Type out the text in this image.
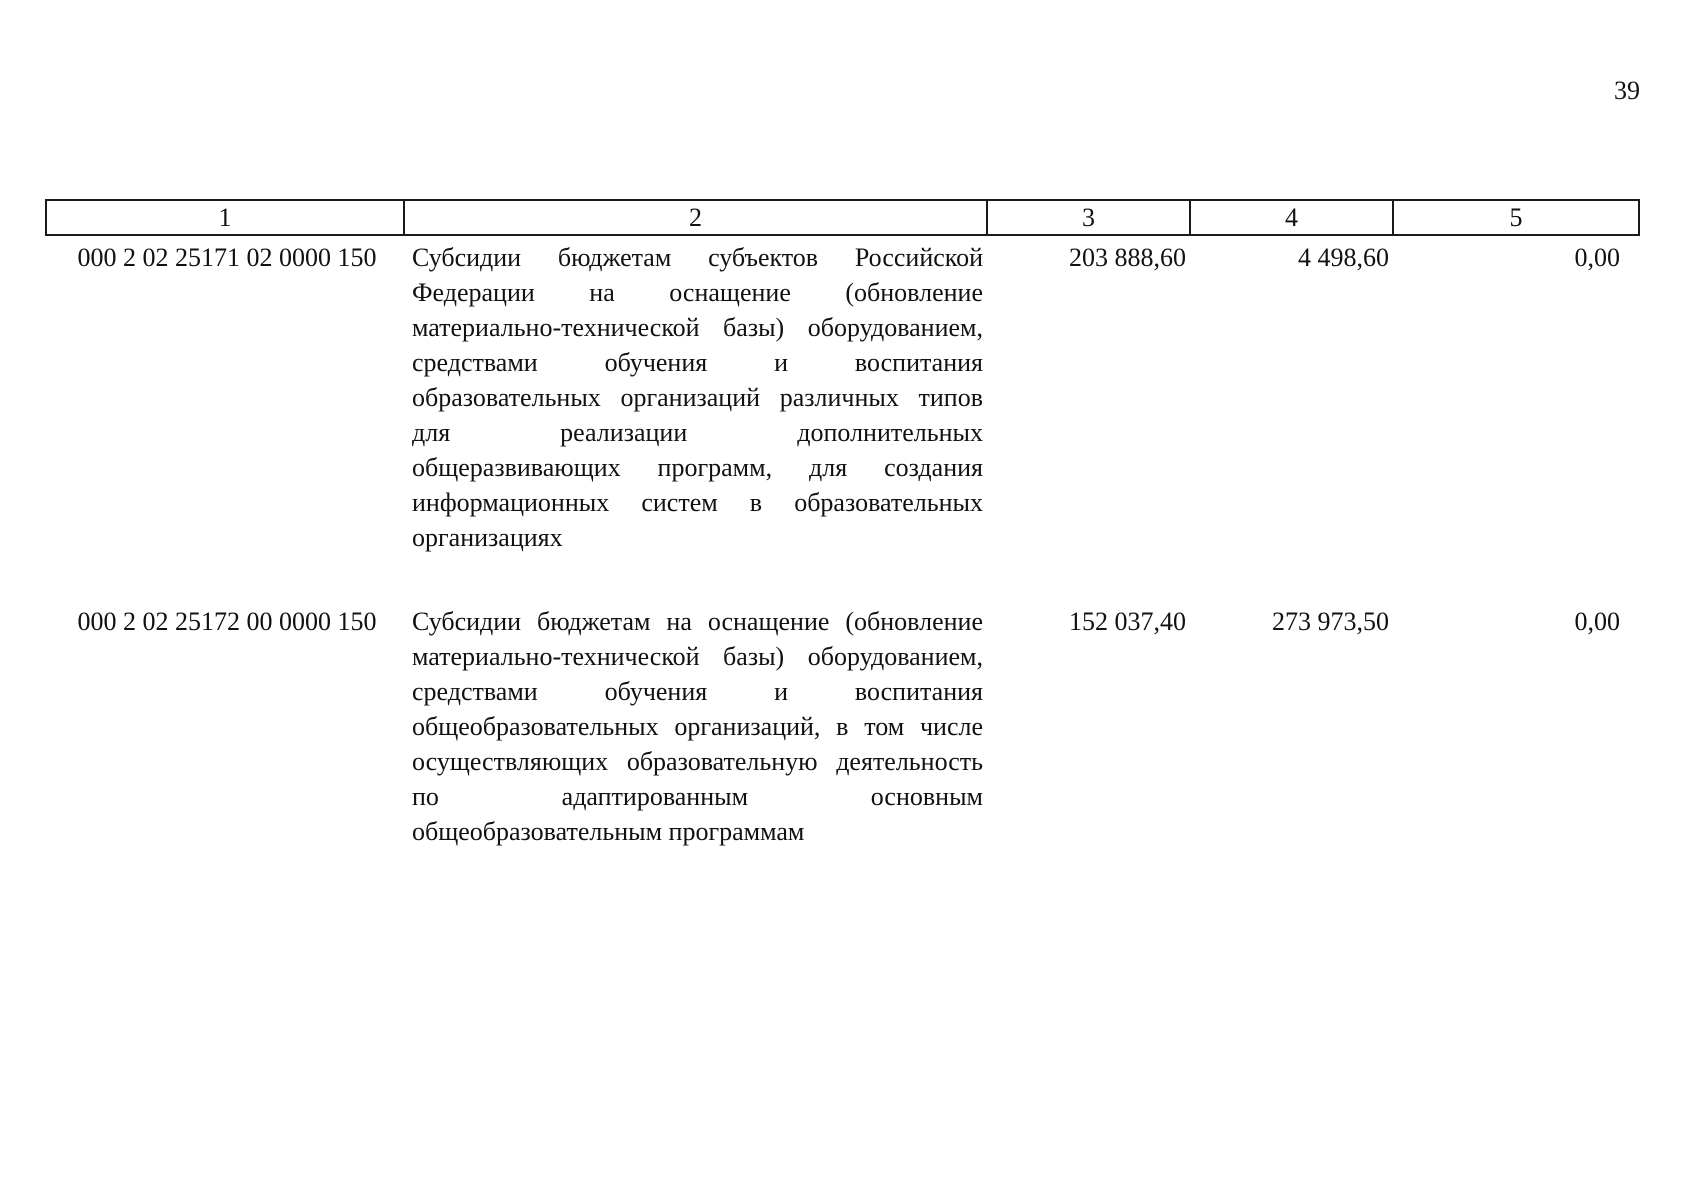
39
1	2	3	4	5
000 2 02 25171 02 0000 150	Субсидии бюджетам субъектов Российской Федерации на оснащение (обновление материально-технической базы) оборудованием, средствами обучения и воспитания образовательных организаций различных типов для реализации дополнительных общеразвивающих программ, для создания информационных систем в образовательных организациях	203 888,60	4 498,60	0,00
000 2 02 25172 00 0000 150	Субсидии бюджетам на оснащение (обновление материально-технической базы) оборудованием, средствами обучения и воспитания общеобразовательных организаций, в том числе осуществляющих образовательную деятельность по адаптированным основным общеобразовательным программам	152 037,40	273 973,50	0,00
